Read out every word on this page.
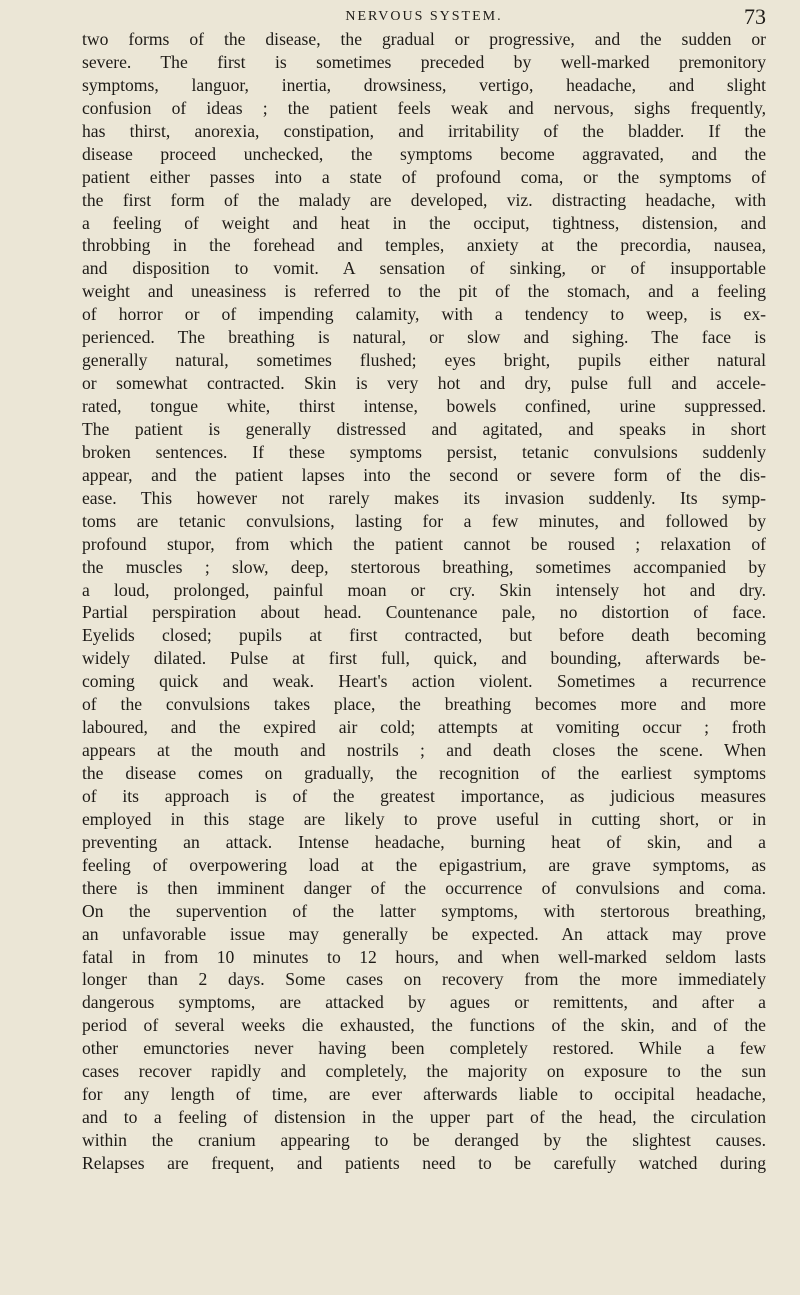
NERVOUS SYSTEM.	73
two forms of the disease, the gradual or progressive, and the sudden or
severe. The first is sometimes preceded by well-marked premonitory
symptoms, languor, inertia, drowsiness, vertigo, headache, and slight
confusion of ideas ; the patient feels weak and nervous, sighs frequently,
has thirst, anorexia, constipation, and irritability of the bladder. If the
disease proceed unchecked, the symptoms become aggravated, and the
patient either passes into a state of profound coma, or the symptoms of
the first form of the malady are developed, viz. distracting headache, with
a feeling of weight and heat in the occiput, tightness, distension, and
throbbing in the forehead and temples, anxiety at the precordia, nausea,
and disposition to vomit. A sensation of sinking, or of insupportable
weight and uneasiness is referred to the pit of the stomach, and a feeling
of horror or of impending calamity, with a tendency to weep, is ex-
perienced. The breathing is natural, or slow and sighing. The face is
generally natural, sometimes flushed; eyes bright, pupils either natural
or somewhat contracted. Skin is very hot and dry, pulse full and accele-
rated, tongue white, thirst intense, bowels confined, urine suppressed.
The patient is generally distressed and agitated, and speaks in short
broken sentences. If these symptoms persist, tetanic convulsions suddenly
appear, and the patient lapses into the second or severe form of the dis-
ease. This however not rarely makes its invasion suddenly. Its symp-
toms are tetanic convulsions, lasting for a few minutes, and followed by
profound stupor, from which the patient cannot be roused ; relaxation of
the muscles ; slow, deep, stertorous breathing, sometimes accompanied by
a loud, prolonged, painful moan or cry. Skin intensely hot and dry.
Partial perspiration about head. Countenance pale, no distortion of face.
Eyelids closed; pupils at first contracted, but before death becoming
widely dilated. Pulse at first full, quick, and bounding, afterwards be-
coming quick and weak. Heart's action violent. Sometimes a recurrence
of the convulsions takes place, the breathing becomes more and more
laboured, and the expired air cold; attempts at vomiting occur ; froth
appears at the mouth and nostrils ; and death closes the scene. When
the disease comes on gradually, the recognition of the earliest symptoms
of its approach is of the greatest importance, as judicious measures
employed in this stage are likely to prove useful in cutting short, or in
preventing an attack. Intense headache, burning heat of skin, and a
feeling of overpowering load at the epigastrium, are grave symptoms, as
there is then imminent danger of the occurrence of convulsions and coma.
On the supervention of the latter symptoms, with stertorous breathing,
an unfavorable issue may generally be expected. An attack may prove
fatal in from 10 minutes to 12 hours, and when well-marked seldom lasts
longer than 2 days. Some cases on recovery from the more immediately
dangerous symptoms, are attacked by agues or remittents, and after a
period of several weeks die exhausted, the functions of the skin, and of the
other emunctories never having been completely restored. While a few
cases recover rapidly and completely, the majority on exposure to the sun
for any length of time, are ever afterwards liable to occipital headache,
and to a feeling of distension in the upper part of the head, the circulation
within the cranium appearing to be deranged by the slightest causes.
Relapses are frequent, and patients need to be carefully watched during
